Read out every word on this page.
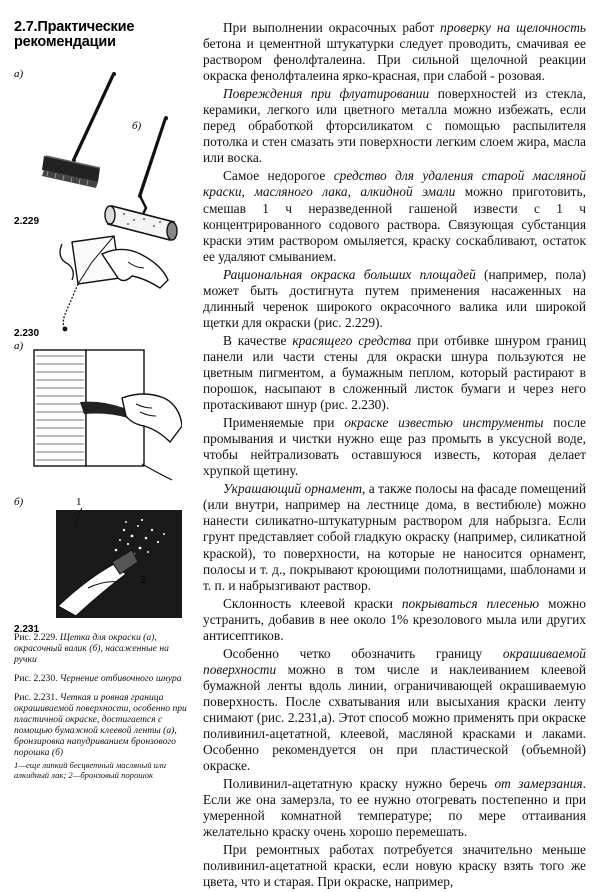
2.7.Практические
рекомендации
а)
б)
2.229
2.230
а)
б)	1
2
2.231

Рис. 2.229. Щетка для окраски (а), окрасочный валик (б), насаженные на ручки

Рис. 2.230. Чернение отбивочного шнура

Рис. 2.231. Четкая и ровная граница окрашиваемой поверхности, особенно при пластичной окраске, достигается с помощью бумажной клеевой ленты (а), бронзировка напудриванием бронзового порошка (б)

1—еще липкий бесцветный масляный или алкидный лак; 2—бронзовый порошок

При выполнении окрасочных работ проверку на щелочность бетона и цементной штукатурки следует проводить, смачивая ее раствором фенолфталеина. При сильной щелочной реакции окраска фенолфталеина ярко-красная, при слабой - розовая.

Повреждения при флуатировании поверхностей из стекла, керамики, легкого или цветного металла можно избежать, если перед обработкой фторсиликатом с помощью распылителя потолка и стен смазать эти поверхности легким слоем жира, масла или воска.

Самое недорогое средство для удаления старой масляной краски, масляного лака, алкидной эмали можно приготовить, смешав 1 ч неразведенной гашеной извести с 1 ч концентрированного содового раствора. Связующая субстанция краски этим раствором омыляется, краску соскабливают, остаток ее удаляют смыванием.

Рациональная окраска больших площадей (например, пола) может быть достигнута путем применения насаженных на длинный черенок широкого окрасочного валика или широкой щетки для окраски (рис. 2.229).

В качестве красящего средства при отбивке шнуром границ панели или части стены для окраски шнура пользуются не цветным пигментом, а бумажным пеплом, который растирают в порошок, насыпают в сложенный листок бумаги и через него протаскивают шнур (рис. 2.230).

Применяемые при окраске известью инструменты после промывания и чистки нужно еще раз промыть в уксусной воде, чтобы нейтрализовать оставшуюся известь, которая делает хрупкой щетину.

Украшающий орнамент, а также полосы на фасаде помещений (или внутри, например на лестнице дома, в вестибюле) можно нанести силикатно-штукатурным раствором для набрызга. Если грунт представляет собой гладкую окраску (например, силикатной краской), то поверхности, на которые не наносится орнамент, полосы и т. д., покрывают кроющими полотнищами, шаблонами и т. п. и набрызгивают раствор.

Склонность клеевой краски покрываться плесенью можно устранить, добавив в нее около 1% крезолового мыла или других антисептиков.

Особенно четко обозначить границу окрашиваемой поверхности можно в том числе и наклеиванием клеевой бумажной ленты вдоль линии, ограничивающей окрашиваемую поверхность. После схватывания или высыхания краски ленту снимают (рис. 2.231,а). Этот способ можно применять при окраске поливинил-ацетатной, клеевой, масляной красками и лаками. Особенно рекомендуется он при пластической (объемной) окраске.

Поливинил-ацетатную краску нужно беречь от замерзания. Если же она замерзла, то ее нужно отогревать постепенно и при умеренной комнатной температуре; по мере оттаивания желательно краску очень хорошо перемешать.

При ремонтных работах потребуется значительно меньше поливинил-ацетатной краски, если новую краску взять того же цвета, что и старая. При окраске, например,
